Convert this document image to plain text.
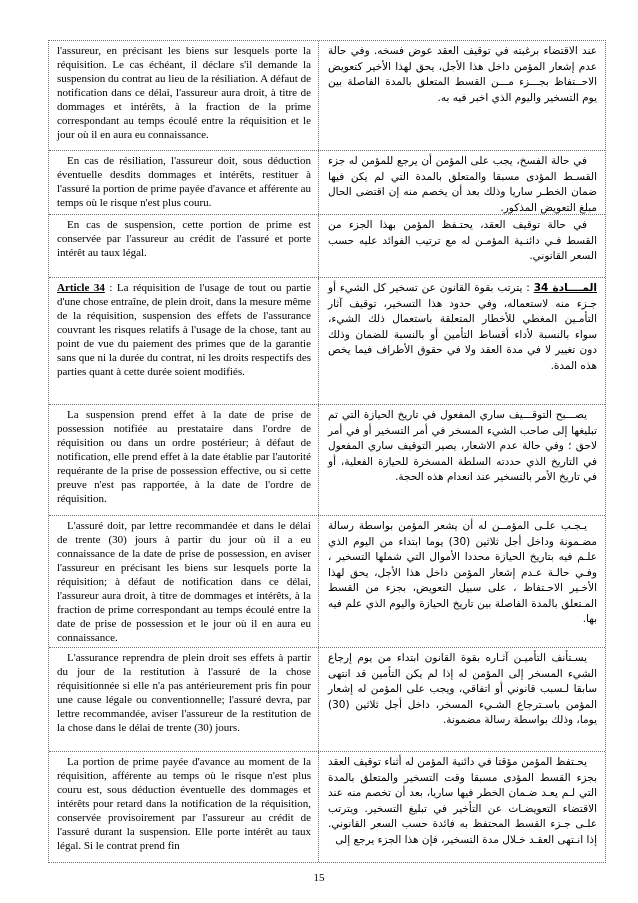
l'assureur, en précisant les biens sur lesquels porte la réquisition. Le cas échéant, il déclare s'il demande la suspension du contrat au lieu de la résiliation. A défaut de notification dans ce délai, l'assureur aura droit, à titre de dommages et intérêts, à la fraction de la prime correspondant au temps écoulé entre la réquisition et le jour où il en aura eu connaissance.

عند الاقتضاء برغبته في توقيف العقد عوض فسخه. وفي حالة عدم إشعار المؤمن داخل هذا الأجل، يحق لهذا الأخير كتعويض الاحــتفاظ بجـــزء مـــن القسط المتعلق بالمدة الفاصلة بين يوم التسخير واليوم الذي اخبر فيه به.

En cas de résiliation, l'assureur doit, sous déduction éventuelle desdits dommages et intérêts, restituer à l'assuré la portion de prime payée d'avance et afférente au temps où le risque n'est plus couru.

في حالة الفسخ، يجب على المؤمن أن يرجع للمؤمن له جزء القسـط المؤدى مسبقا والمتعلق بالمدة التي لم يكن فيها ضمان الخطـر ساريا وذلك بعد أن يخصم منه إن اقتضى الحال مبلغ التعويض المذكور.

En cas de suspension, cette portion de prime est conservée par l'assureur au crédit de l'assuré et porte intérêt au taux légal.

في حالة توقيف العقد، يحتـفظ المؤمن بهذا الجزء من القسط فـي دائنـية المؤمـن له مع ترتيب الفوائد عليه حسب السعر القانوني.

Article 34 : La réquisition de l'usage de tout ou partie d'une chose entraîne, de plein droit, dans la mesure même de la réquisition, suspension des effets de l'assurance couvrant les risques relatifs à l'usage de la chose, tant au point de vue du paiement des primes que de la garantie sans que ni la durée du contrat, ni les droits respectifs des parties quant à cette durée soient modifiés.

المــــادة 34 : يترتب بقوة القانون عن تسخير كل الشيء أو جـزء منه لاستعماله، وفي حدود هذا التسخير، توقيف آثار التأمـين المغطي للأخطار المتعلقة باستعمال ذلك الشيء، سواء بالنسبة لأداء أقساط التأمين أو بالنسبة للضمان وذلك دون تغيير لا في مدة العقد ولا في حقوق الأطراف فيما يخص هذه المدة.

La suspension prend effet à la date de prise de possession notifiée au prestataire dans l'ordre de réquisition ou dans un ordre postérieur; à défaut de notification, elle prend effet à la date établie par l'autorité requérante de la prise de possession effective, ou si cette preuve n'est pas rapportée, à la date de l'ordre de réquisition.

يصـــبح التوقـــيف ساري المفعول في تاريخ الحيازة التي تم تبليغها إلى صاحب الشيء المسخر في أمر التسخير أو في أمر لاحق ؛ وفي حالة عدم الاشعار، يصير التوقيف ساري المفعول في التاريخ الذي حددته السلطة المسخرة للحيازة الفعلية، أو في تاريخ الأمر بالتسخير عند انعدام هذه الحجة.

L'assuré doit, par lettre recommandée et dans le délai de trente (30) jours à partir du jour où il a eu connaissance de la date de prise de possession, en aviser l'assureur en précisant les biens sur lesquels porte la réquisition; à défaut de notification dans ce délai, l'assureur aura droit, à titre de dommages et intérêts, à la fraction de prime correspondant au temps écoulé entre la date de prise de possession et le jour où il en aura eu connaissance.

يـجـب علـى المؤمــن له أن يشعر المؤمن بواسطة رسالة مضـمونة وداخل أجل ثلاثين (30) يوما ابتداء من اليوم الذي علـم فيه بتاريخ الحيازة محددا الأموال التي شملها التسخير ، وفـي حالـة عـدم إشعار المؤمن داخل هذا الأجل، يحق لهذا الأخـير الاحـتفاظ ، على سبيل التعويض، بجزء من القسط المـتعلق بالمدة الفاصلة بين تاريخ الحيازة واليوم الذي علم فيه بها.

L'assurance reprendra de plein droit ses effets à partir du jour de la restitution à l'assuré de la chose réquisitionnée si elle n'a pas antérieurement pris fin pour une cause légale ou conventionnelle; l'assuré devra, par lettre recommandée, aviser l'assureur de la restitution de la chose dans le délai de trente (30) jours.

يسـتأنف التأميـن آثـاره بقوة القانون ابتداء من يوم إرجاع الشيء المسخر إلى المؤمن له إذا لم يكن التأمين قد انتهى سابقا لـسبب قانوني أو اتفاقي، ويجب على المؤمن له إشعار المؤمن باسـترجاع الشـيء المسخر، داخل أجل ثلاثين (30) يوما، وذلك بواسطة رسالة مضمونة.

La portion de prime payée d'avance au moment de la réquisition, afférente au temps où le risque n'est plus couru est, sous déduction éventuelle des dommages et intérêts pour retard dans la notification de la réquisition, conservée provisoirement par l'assureur au crédit de l'assuré durant la suspension. Elle porte intérêt au taux légal. Si le contrat prend fin

يحـتفظ المؤمن مؤقتا في دائنية المؤمن له أثناء توقيف العقد بجزء القسط المؤدى مسبقا وقت التسخير والمتعلق بالمدة التي لـم يعـد ضـمان الخطر فيها ساريا، بعد أن تخصم منه عند الاقتضاء التعويضـات عن التأخير في تبليغ التسخير. ويترتب علـى جـزء القسط المحتفظ به فائدة حسب السعر القانوني. إذا انـتهى العقـد خـلال مدة التسخير، فإن هذا الجزء يرجع إلى

15
